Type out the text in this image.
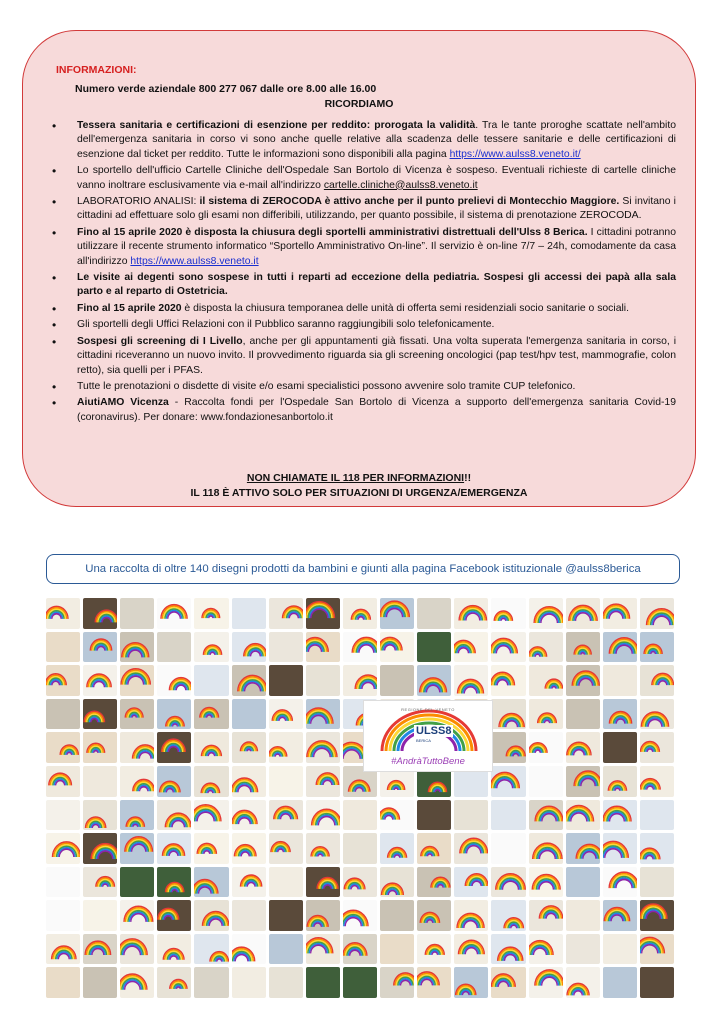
INFORMAZIONI:
Numero verde aziendale 800 277 067 dalle ore 8.00 alle 16.00
RICORDIAMO
• Tessera sanitaria e certificazioni di esenzione per reddito: prorogata la validità. Tra le tante proroghe scattate nell'ambito dell'emergenza sanitaria in corso vi sono anche quelle relative alla scadenza delle tessere sanitarie e delle certificazioni di esenzione dal ticket per reddito. Tutte le informazioni sono disponibili alla pagina https://www.aulss8.veneto.it/
• Lo sportello dell'ufficio Cartelle Cliniche dell'Ospedale San Bortolo di Vicenza è sospeso. Eventuali richieste di cartelle cliniche vanno inoltrare esclusivamente via e-mail all'indirizzo cartelle.cliniche@aulss8.veneto.it
• LABORATORIO ANALISI: il sistema di ZEROCODA è attivo anche per il punto prelievi di Montecchio Maggiore. Si invitano i cittadini ad effettuare solo gli esami non differibili, utilizzando, per quanto possibile, il sistema di prenotazione ZEROCODA.
• Fino al 15 aprile 2020 è disposta la chiusura degli sportelli amministrativi distrettuali dell'Ulss 8 Berica. I cittadini potranno utilizzare il recente strumento informatico “Sportello Amministrativo On-line”. Il servizio è on-line 7/7 – 24h, comodamente da casa all'indirizzo https://www.aulss8.veneto.it
• Le visite ai degenti sono sospese in tutti i reparti ad eccezione della pediatria. Sospesi gli accessi dei papà alla sala parto e al reparto di Ostetricia.
• Fino al 15 aprile 2020 è disposta la chiusura temporanea delle unità di offerta semi residenziali socio sanitarie o sociali.
• Gli sportelli degli Uffici Relazioni con il Pubblico saranno raggiungibili solo telefonicamente.
• Sospesi gli screening di I Livello, anche per gli appuntamenti già fissati. Una volta superata l'emergenza sanitaria in corso, i cittadini riceveranno un nuovo invito. Il provvedimento riguarda sia gli screening oncologici (pap test/hpv test, mammografie, colon retto), sia quelli per i PFAS.
• Tutte le prenotazioni o disdette di visite e/o esami specialistici possono avvenire solo tramite CUP telefonico.
• AiutiAMO Vicenza - Raccolta fondi per l'Ospedale San Bortolo di Vicenza a supporto dell'emergenza sanitaria Covid-19 (coronavirus). Per donare: www.fondazionesanbortolo.it
NON CHIAMATE IL 118 PER INFORMAZIONI!!
IL 118 È ATTIVO SOLO PER SITUAZIONI DI URGENZA/EMERGENZA
Una raccolta di oltre 140 disegni prodotti da bambini e giunti alla pagina Facebook istituzionale @aulss8berica
REGIONE DEL VENETO
ULSS8
BERICA
#AndràTuttoBene
